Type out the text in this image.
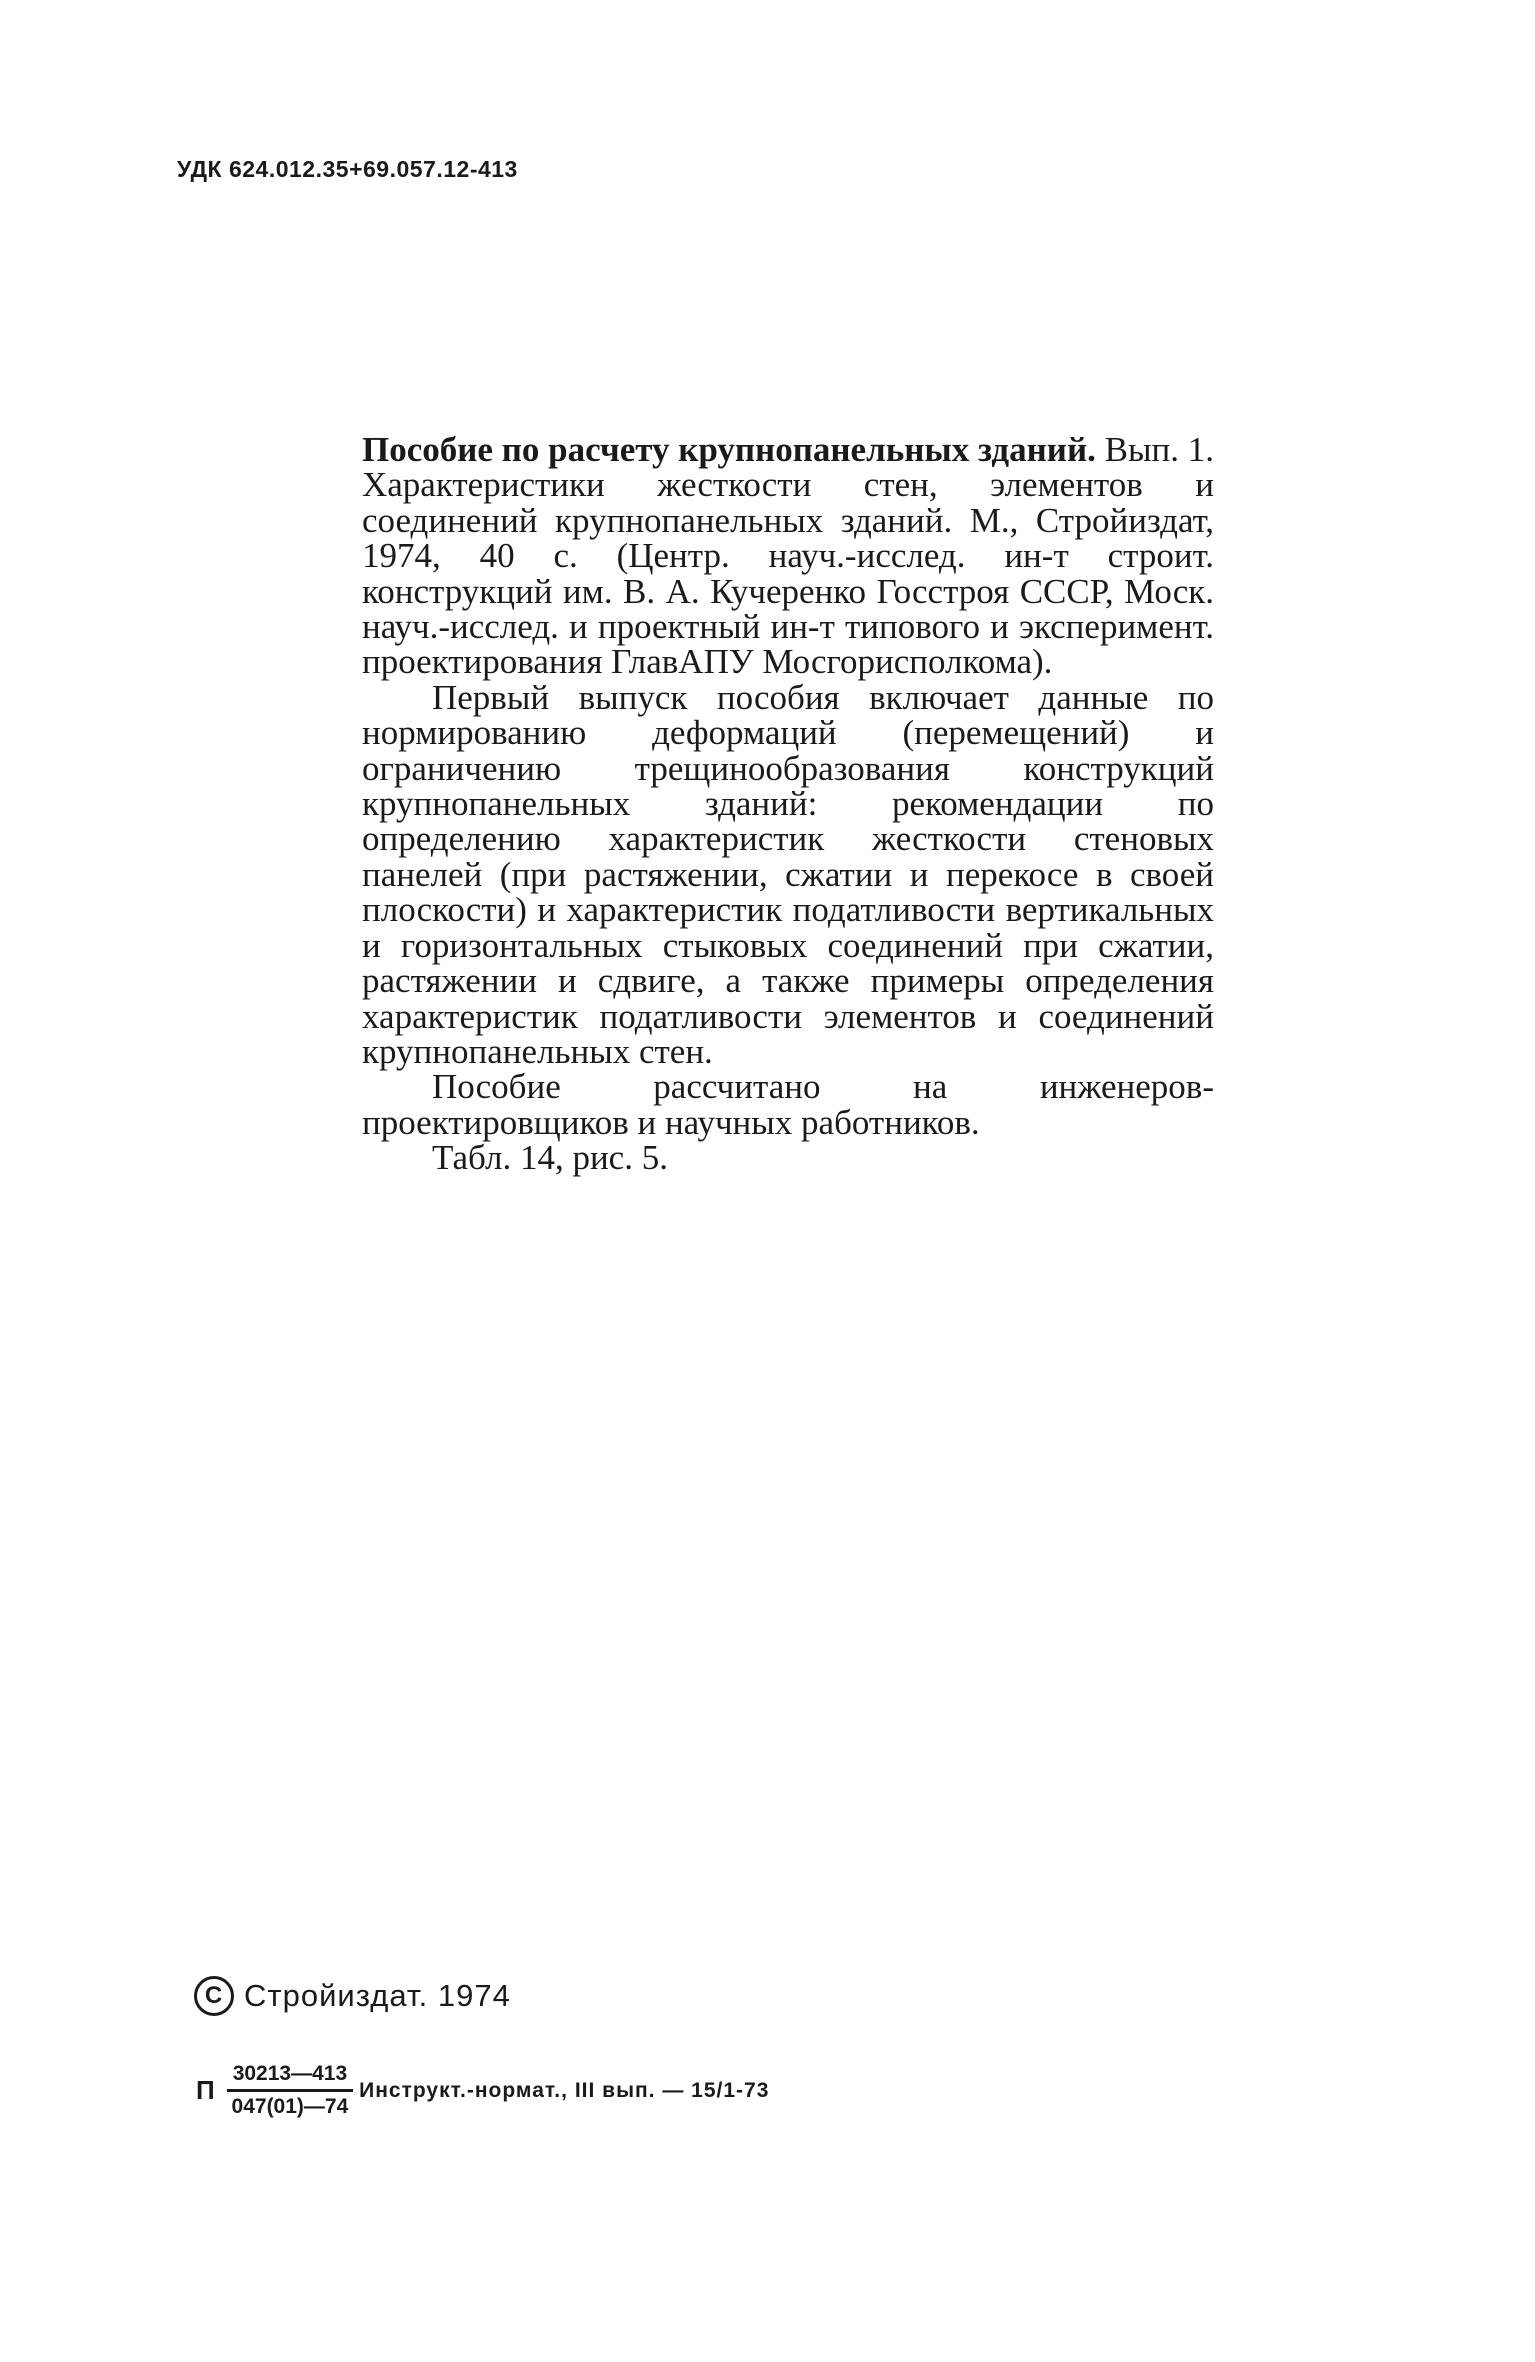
УДК 624.012.35+69.057.12-413

Пособие по расчету крупнопанельных зданий. Вып. 1. Характеристики жесткости стен, элементов и соединений крупнопанельных зданий. М., Стройиздат, 1974, 40 с. (Центр. науч.-исслед. ин-т строит. конструкций им. В. А. Кучеренко Госстроя СССР, Моск. науч.-исслед. и проектный ин-т типового и эксперимент. проектирования ГлавАПУ Мосгорисполкома).

Первый выпуск пособия включает данные по нормированию деформаций (перемещений) и ограничению трещинообразования конструкций крупнопанельных зданий: рекомендации по определению характеристик жесткости стеновых панелей (при растяжении, сжатии и перекосе в своей плоскости) и характеристик податливости вертикальных и горизонтальных стыковых соединений при сжатии, растяжении и сдвиге, а также примеры определения характеристик податливости элементов и соединений крупнопанельных стен.

Пособие рассчитано на инженеров-проектировщиков и научных работников.

Табл. 14, рис. 5.

C Стройиздат. 1974
П $\frac{30213—413}{047(01)—74}$ Инструкт.-нормат., III вып. — 15/1-73
